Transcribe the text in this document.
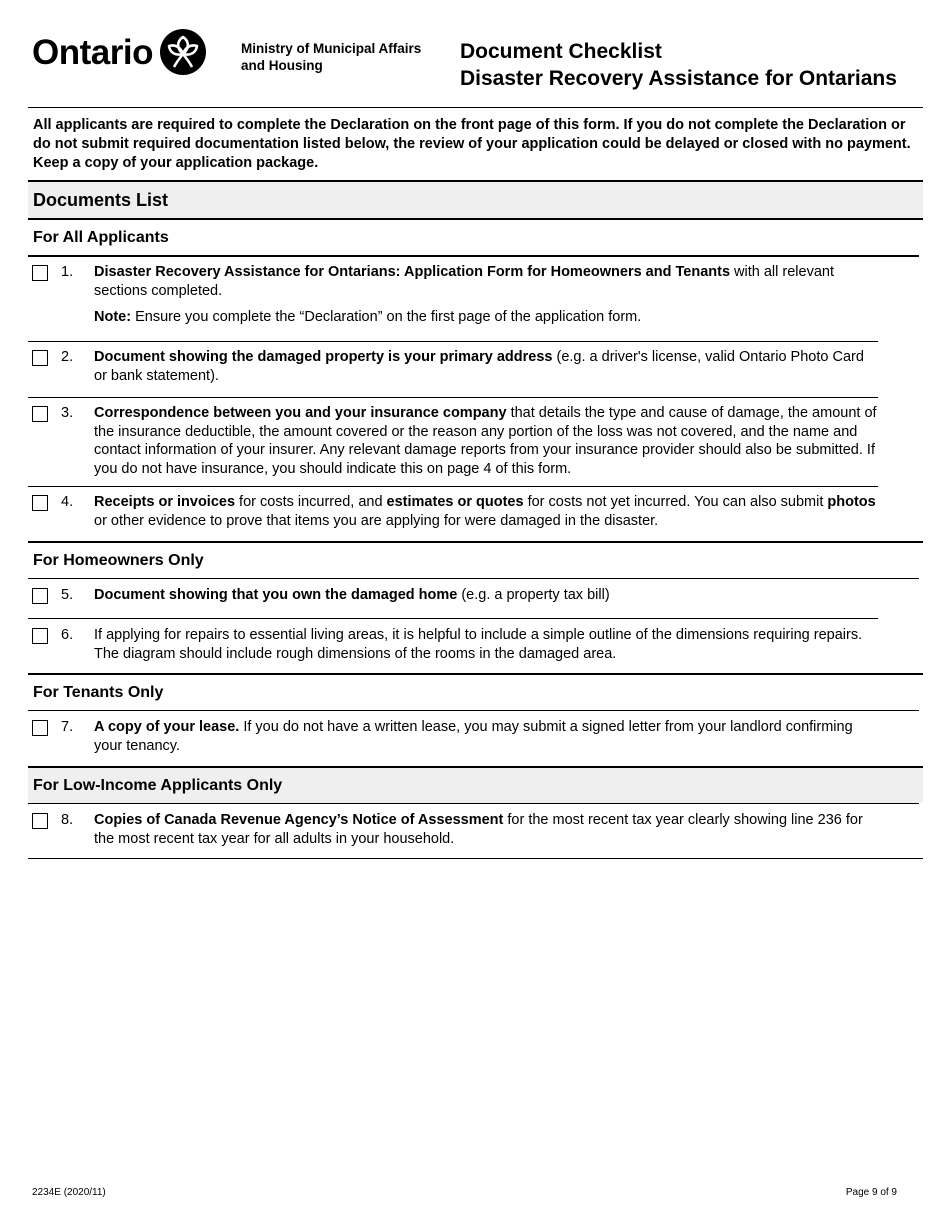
Ontario	Ministry of Municipal Affairs
and Housing
Document Checklist
Disaster Recovery Assistance for Ontarians
All applicants are required to complete the Declaration on the front page of this form. If you do not complete the Declaration or do not submit required documentation listed below, the review of your application could be delayed or closed with no payment. Keep a copy of your application package.
Documents List
For All Applicants
1. Disaster Recovery Assistance for Ontarians: Application Form for Homeowners and Tenants with all relevant sections completed.
Note: Ensure you complete the “Declaration” on the first page of the application form.
2. Document showing the damaged property is your primary address (e.g. a driver's license, valid Ontario Photo Card or bank statement).
3. Correspondence between you and your insurance company that details the type and cause of damage, the amount of the insurance deductible, the amount covered or the reason any portion of the loss was not covered, and the name and contact information of your insurer. Any relevant damage reports from your insurance provider should also be submitted. If you do not have insurance, you should indicate this on page 4 of this form.
4. Receipts or invoices for costs incurred, and estimates or quotes for costs not yet incurred. You can also submit photos or other evidence to prove that items you are applying for were damaged in the disaster.
For Homeowners Only
5. Document showing that you own the damaged home (e.g. a property tax bill)
6. If applying for repairs to essential living areas, it is helpful to include a simple outline of the dimensions requiring repairs. The diagram should include rough dimensions of the rooms in the damaged area.
For Tenants Only
7. A copy of your lease. If you do not have a written lease, you may submit a signed letter from your landlord confirming your tenancy.
For Low-Income Applicants Only
8. Copies of Canada Revenue Agency’s Notice of Assessment for the most recent tax year clearly showing line 236 for the most recent tax year for all adults in your household.
2234E (2020/11)	Page 9 of 9
